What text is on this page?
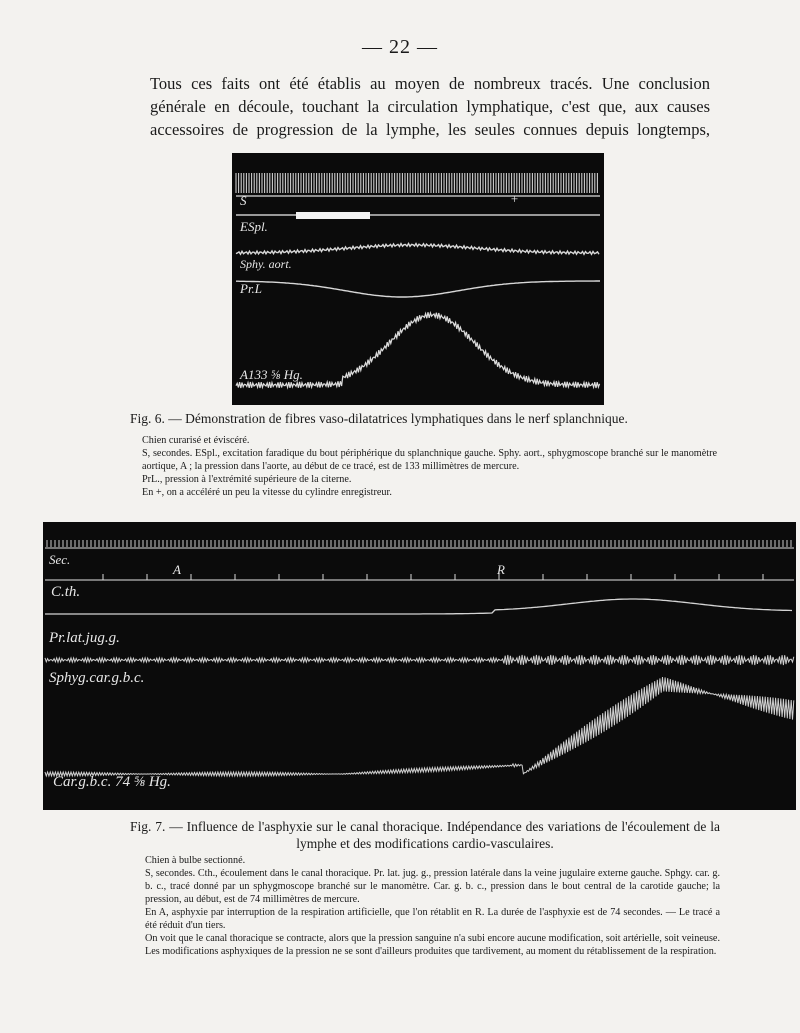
— 22 —
Tous ces faits ont été établis au moyen de nombreux tracés. Une conclusion
générale en découle, touchant la circulation lymphatique, c'est que, aux causes
accessoires de progression de la lymphe, les seules connues depuis longtemps,
S	+
ESpl.
Sphy. aort.
Pr.L
A133 ⅝ Hg.
Fig. 6. — Démonstration de fibres vaso-dilatatrices lymphatiques dans le nerf splanchnique.

Chien curarisé et éviscéré.

S, secondes. ESpl., excitation faradique du bout périphérique du splanchnique gauche. Sphy. aort., sphygmoscope branché sur le manomètre aortique, A ; la pression dans l'aorte, au début de ce tracé, est de 133 millimètres de mercure.

PrL., pression à l'extrémité supérieure de la citerne.

En +, on a accéléré un peu la vitesse du cylindre enregistreur.

Sec.
A	R
C.th.
Pr.lat.jug.g.
Sphyg.car.g.b.c.
Car.g.b.c. 74 ⅝ Hg.
Fig. 7. — Influence de l'asphyxie sur le canal thoracique. Indépendance des variations de l'écoulement de la lymphe et des modifications cardio-vasculaires.

Chien à bulbe sectionné.

S, secondes. Cth., écoulement dans le canal thoracique. Pr. lat. jug. g., pression latérale dans la veine jugulaire externe gauche. Sphgy. car. g. b. c., tracé donné par un sphygmoscope branché sur le manomètre. Car. g. b. c., pression dans le bout central de la carotide gauche; la pression, au début, est de 74 millimètres de mercure.

En A, asphyxie par interruption de la respiration artificielle, que l'on rétablit en R. La durée de l'asphyxie est de 74 secondes. — Le tracé a été réduit d'un tiers.

On voit que le canal thoracique se contracte, alors que la pression sanguine n'a subi encore aucune modification, soit artérielle, soit veineuse. Les modifications asphyxiques de la pression ne se sont d'ailleurs produites que tardivement, au moment du rétablissement de la respiration.
